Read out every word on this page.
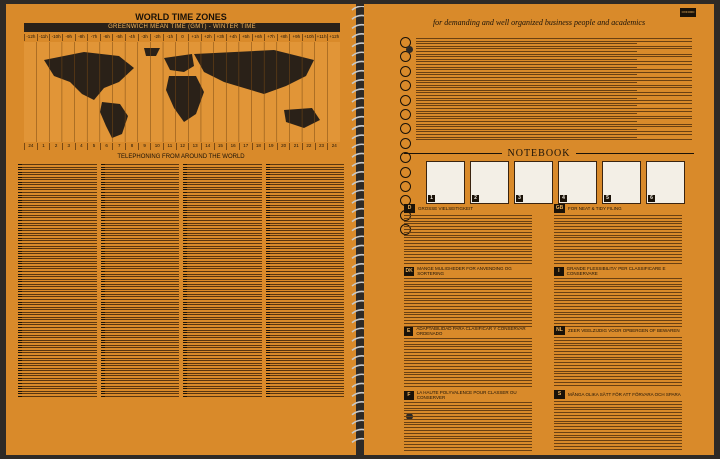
WORLD TIME ZONES
GREENWICH MEAN TIME (GMT) - WINTER TIME
-12h -11h -10h	-9h	-8h	-7h	-6h	-5h	-4h	-3h	-2h	-1h	0	+1h	+2h	+3h	+4h	+5h	+6h	+7h	+8h	+9h +10h +11h +12h
24	1	2	3	4	5	6	7	8	9	10	11	12	13	14	15	16	17	18	19	20	21	22	23	24
TELEPHONING FROM AROUND THE WORLD
OXFORD
for demanding and well organized business people and academics
NOTEBOOK
1	2	3	4	5	6
D	GROSSE VIELSEITIGKEIT	GB	FOR NEAT & TIDY FILING
DK	MANGE MULIGHEDER FOR ANVENDING OG SORTERING	I	GRANDE FLESSIBILITA' PER CLASSIFICARE E CONSERVARE
E	ADAPTABILIDAD PARA CLASIFICAR Y CONSERVAR ORDENADO
NL	ZEER VEELZIJDIG VOOR OPBERGEN OF BEWAREN
F	LA HAUTE POLYVALENCE POUR CLASSER OU CONSERVER
S	MÅNGA OLIKA SÄTT FÖR ATT FÖRVARA OCH SPARA
